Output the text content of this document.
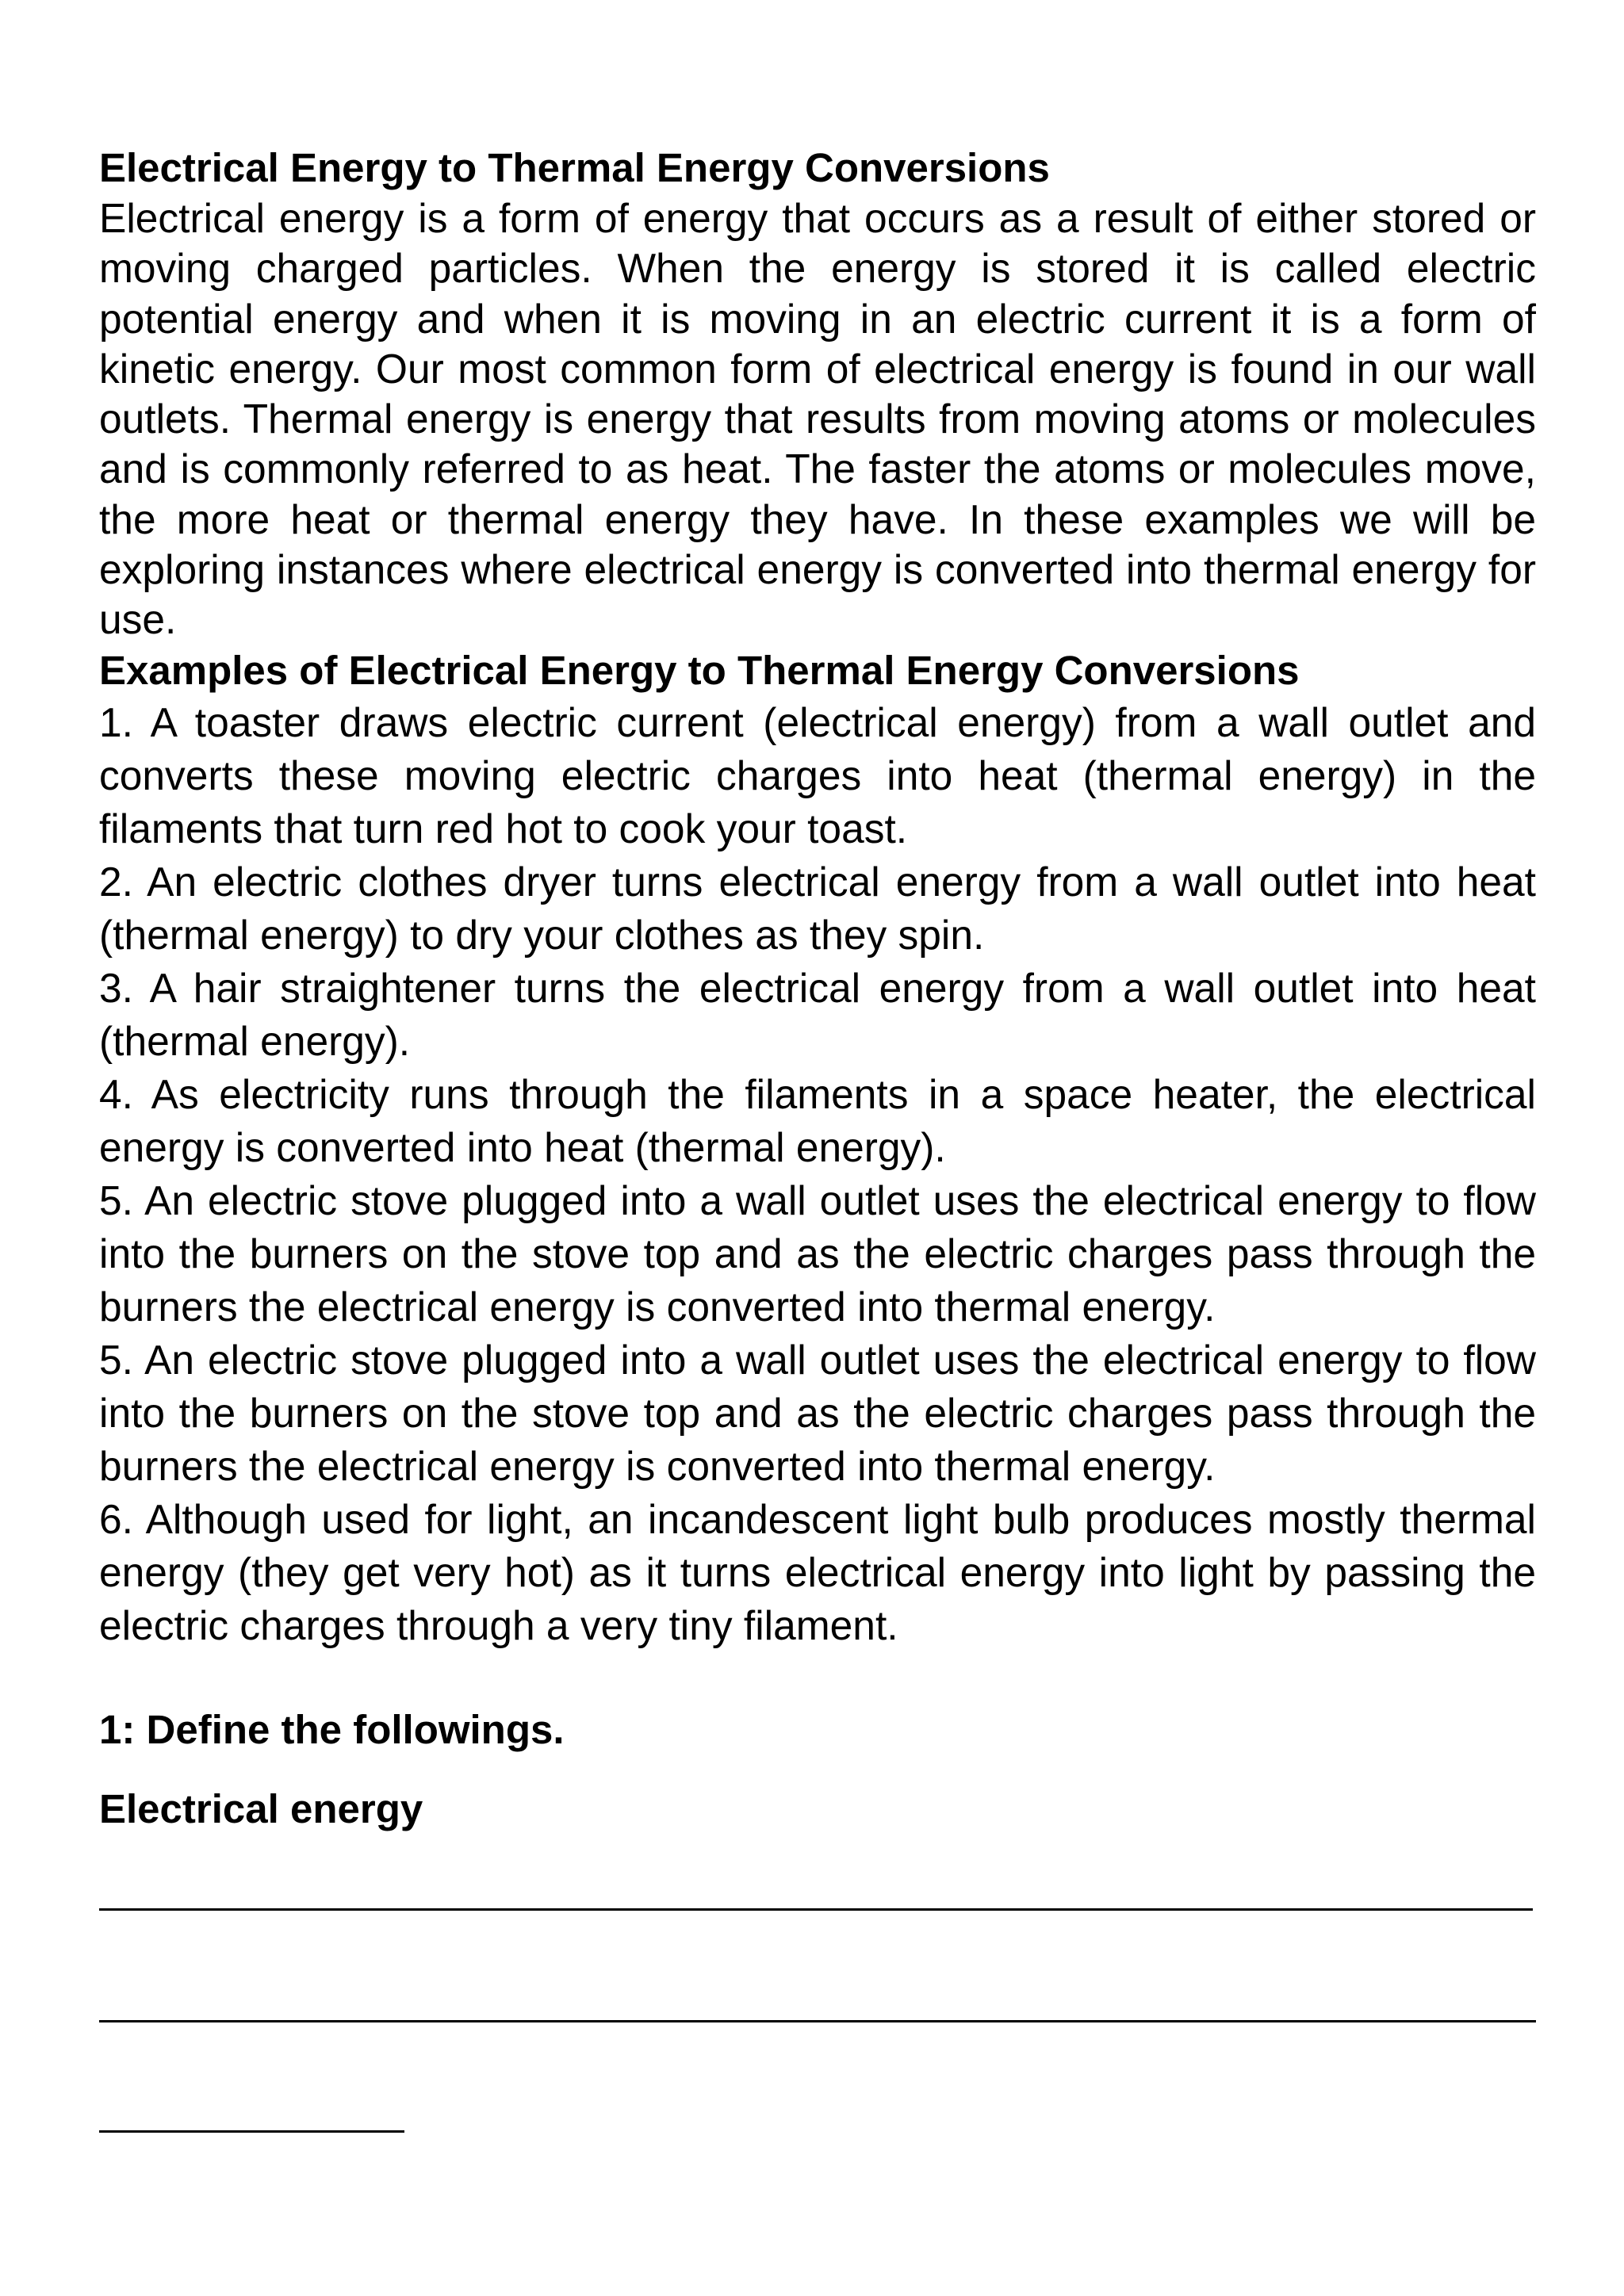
Electrical Energy to Thermal Energy Conversions

Electrical energy is a form of energy that occurs as a result of either stored or moving charged particles. When the energy is stored it is called electric potential energy and when it is moving in an electric current it is a form of kinetic energy. Our most common form of electrical energy is found in our wall outlets. Thermal energy is energy that results from moving atoms or molecules and is commonly referred to as heat. The faster the atoms or molecules move, the more heat or thermal energy they have. In these examples we will be exploring instances where electrical energy is converted into thermal energy for use.

Examples of Electrical Energy to Thermal Energy Conversions
1. A toaster draws electric current (electrical energy) from a wall outlet and converts these moving electric charges into heat (thermal energy) in the filaments that turn red hot to cook your toast.
2. An electric clothes dryer turns electrical energy from a wall outlet into heat (thermal energy) to dry your clothes as they spin.
3. A hair straightener turns the electrical energy from a wall outlet into heat (thermal energy).
4. As electricity runs through the filaments in a space heater, the electrical energy is converted into heat (thermal energy).
5. An electric stove plugged into a wall outlet uses the electrical energy to flow into the burners on the stove top and as the electric charges pass through the burners the electrical energy is converted into thermal energy.
5. An electric stove plugged into a wall outlet uses the electrical energy to flow into the burners on the stove top and as the electric charges pass through the burners the electrical energy is converted into thermal energy.
6. Although used for light, an incandescent light bulb produces mostly thermal energy (they get very hot) as it turns electrical energy into light by passing the electric charges through a very tiny filament.
1: Define the followings.

Electrical energy
